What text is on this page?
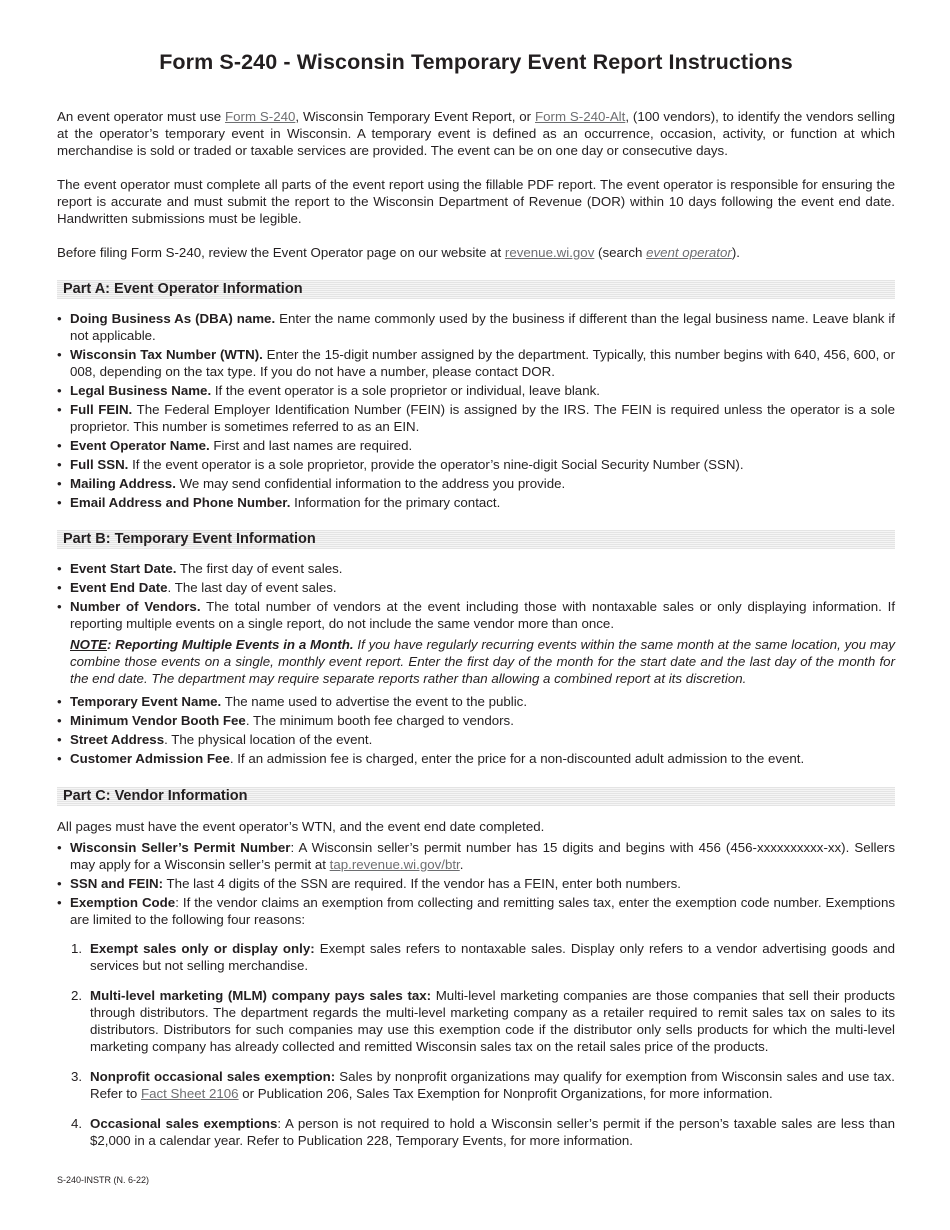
Form S-240 - Wisconsin Temporary Event Report Instructions

An event operator must use Form S-240, Wisconsin Temporary Event Report, or Form S-240-Alt, (100 vendors), to identify the vendors selling at the operator’s temporary event in Wisconsin. A temporary event is defined as an occurrence, occasion, activity, or function at which merchandise is sold or traded or taxable services are provided. The event can be on one day or consecutive days.

The event operator must complete all parts of the event report using the fillable PDF report. The event operator is responsible for ensuring the report is accurate and must submit the report to the Wisconsin Department of Revenue (DOR) within 10 days following the event end date. Handwritten submissions must be legible.

Before filing Form S-240, review the Event Operator page on our website at revenue.wi.gov (search event operator).

Part A: Event Operator Information
• Doing Business As (DBA) name. Enter the name commonly used by the business if different than the legal business name. Leave blank if not applicable.
• Wisconsin Tax Number (WTN). Enter the 15-digit number assigned by the department. Typically, this number begins with 640, 456, 600, or 008, depending on the tax type. If you do not have a number, please contact DOR.
• Legal Business Name. If the event operator is a sole proprietor or individual, leave blank.
• Full FEIN. The Federal Employer Identification Number (FEIN) is assigned by the IRS. The FEIN is required unless the operator is a sole proprietor. This number is sometimes referred to as an EIN.
• Event Operator Name. First and last names are required.
• Full SSN. If the event operator is a sole proprietor, provide the operator’s nine-digit Social Security Number (SSN).
• Mailing Address. We may send confidential information to the address you provide.
• Email Address and Phone Number. Information for the primary contact.
Part B: Temporary Event Information
• Event Start Date. The first day of event sales.
• Event End Date. The last day of event sales.
• Number of Vendors. The total number of vendors at the event including those with nontaxable sales or only displaying information. If reporting multiple events on a single report, do not include the same vendor more than once.

NOTE: Reporting Multiple Events in a Month. If you have regularly recurring events within the same month at the same location, you may combine those events on a single, monthly event report. Enter the first day of the month for the start date and the last day of the month for the end date. The department may require separate reports rather than allowing a combined report at its discretion.

• Temporary Event Name. The name used to advertise the event to the public.
• Minimum Vendor Booth Fee. The minimum booth fee charged to vendors.
• Street Address. The physical location of the event.
• Customer Admission Fee. If an admission fee is charged, enter the price for a non-discounted adult admission to the event.
Part C: Vendor Information

All pages must have the event operator’s WTN, and the event end date completed.

• Wisconsin Seller’s Permit Number: A Wisconsin seller’s permit number has 15 digits and begins with 456 (456-xxxxxxxxxx-xx). Sellers may apply for a Wisconsin seller’s permit at tap.revenue.wi.gov/btr.
• SSN and FEIN: The last 4 digits of the SSN are required. If the vendor has a FEIN, enter both numbers.
• Exemption Code: If the vendor claims an exemption from collecting and remitting sales tax, enter the exemption code number. Exemptions are limited to the following four reasons:
1. Exempt sales only or display only: Exempt sales refers to nontaxable sales. Display only refers to a vendor advertising goods and services but not selling merchandise.
2. Multi-level marketing (MLM) company pays sales tax: Multi-level marketing companies are those companies that sell their products through distributors. The department regards the multi-level marketing company as a retailer required to remit sales tax on sales to its distributors. Distributors for such companies may use this exemption code if the distributor only sells products for which the multi-level marketing company has already collected and remitted Wisconsin sales tax on the retail sales price of the products.
3. Nonprofit occasional sales exemption: Sales by nonprofit organizations may qualify for exemption from Wisconsin sales and use tax. Refer to Fact Sheet 2106 or Publication 206, Sales Tax Exemption for Nonprofit Organizations, for more information.
4. Occasional sales exemptions: A person is not required to hold a Wisconsin seller’s permit if the person’s taxable sales are less than $2,000 in a calendar year. Refer to Publication 228, Temporary Events, for more information.
S-240-INSTR (N. 6-22)
